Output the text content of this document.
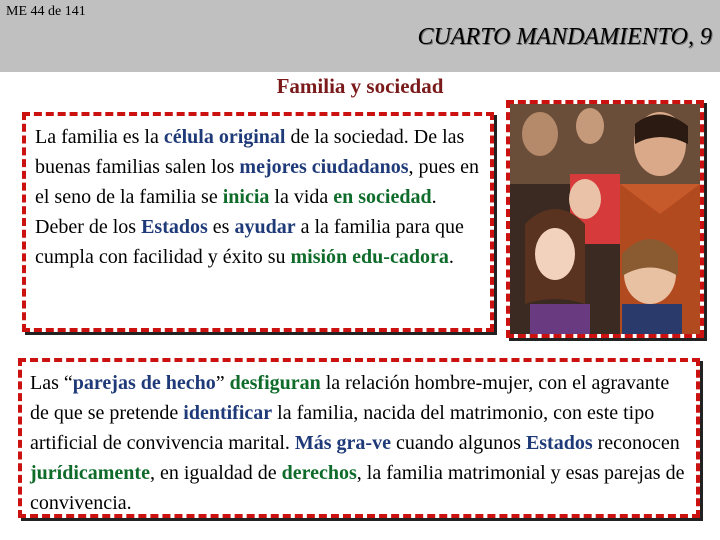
ME 44 de 141
CUARTO MANDAMIENTO, 9
Familia y sociedad
La familia es la célula original de la sociedad. De las buenas familias salen los mejores ciudadanos, pues en el seno de la familia se inicia la vida en sociedad. Deber de los Estados es ayudar a la familia para que cumpla con facilidad y éxito su misión edu-cadora.
Las “parejas de hecho” desfiguran la relación hombre-mujer, con el agravante de que se pretende identificar la familia, nacida del matrimonio, con este tipo artificial de convivencia marital. Más gra-ve cuando algunos Estados reconocen jurídicamente, en igualdad de derechos, la familia matrimonial y esas parejas de convivencia.
